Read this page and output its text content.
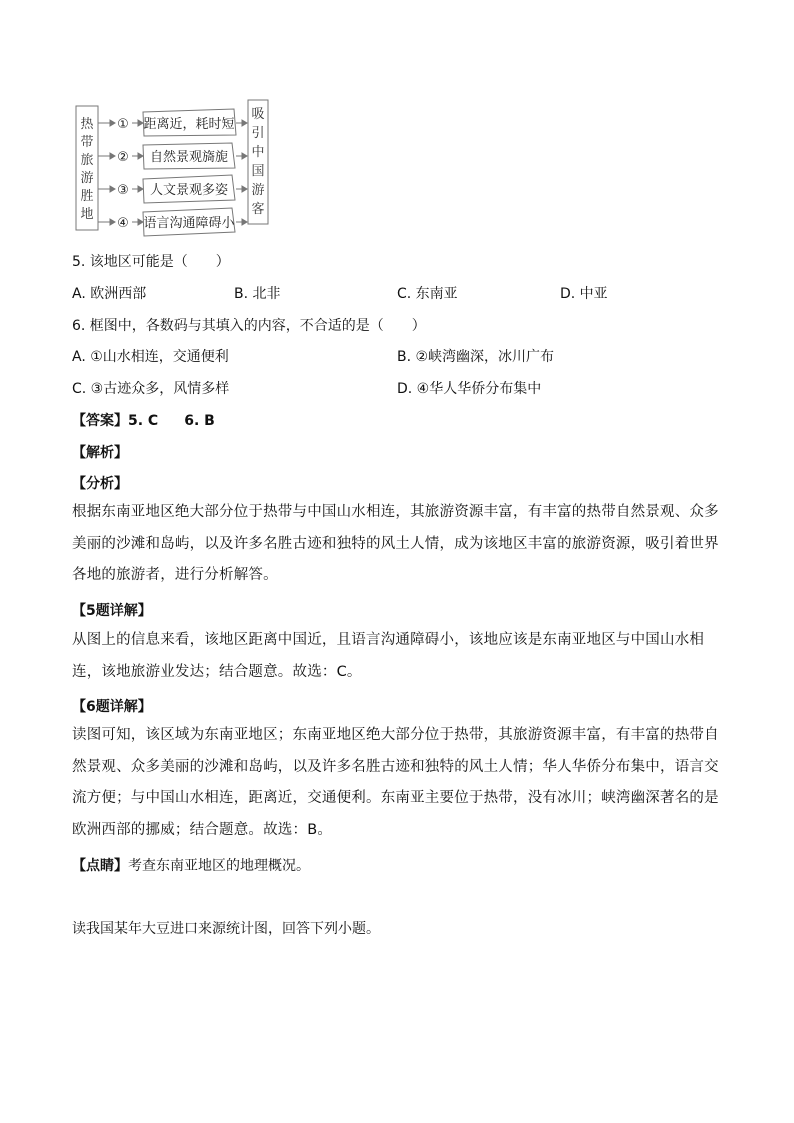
热
带
旅
游
胜
地
①
②
③
④
距离近，耗时短
自然景观旖旎
人文景观多姿
语言沟通障碍小
吸
引
中
国
游
客
5. 该地区可能是（　　）
A. 欧洲西部	B. 北非	C. 东南亚	D. 中亚
6. 框图中，各数码与其填入的内容，不合适的是（　　）
A. ①山水相连，交通便利	B. ②峡湾幽深，冰川广布
C. ③古迹众多，风情多样	D. ④华人华侨分布集中
【答案】5. C 6. B
【解析】
【分析】
根据东南亚地区绝大部分位于热带与中国山水相连，其旅游资源丰富，有丰富的热带自然景观、众多美丽的沙滩和岛屿，以及许多名胜古迹和独特的风土人情，成为该地区丰富的旅游资源，吸引着世界各地的旅游者，进行分析解答。
【5题详解】
从图上的信息来看，该地区距离中国近，且语言沟通障碍小，该地应该是东南亚地区与中国山水相连，该地旅游业发达；结合题意。故选：C。
【6题详解】
读图可知，该区域为东南亚地区；东南亚地区绝大部分位于热带，其旅游资源丰富，有丰富的热带自然景观、众多美丽的沙滩和岛屿，以及许多名胜古迹和独特的风土人情；华人华侨分布集中，语言交流方便；与中国山水相连，距离近，交通便利。东南亚主要位于热带，没有冰川；峡湾幽深著名的是欧洲西部的挪威；结合题意。故选：B。
【点睛】考查东南亚地区的地理概况。
读我国某年大豆进口来源统计图，回答下列小题。
